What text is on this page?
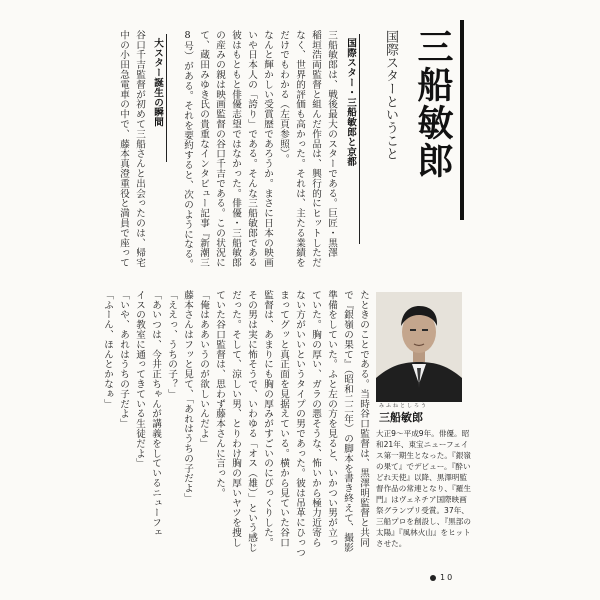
三船敏郎
国際スターということ
国際スター・三船敏郎と京都
三船敏郎は、戦後最大のスターである。巨匠・黒澤
稲垣浩両監督と組んだ作品は、興行的にヒットしただ
なく、世界的評価も高かった。それは、主たる業績を
だけでもわかる（左頁参照）。
なんと輝かしい受賞歴であろうか。まさに日本の映画
いや日本人の「誇り」である。そんな三船敏郎である
彼はもともと俳優志望ではなかった。俳優・三船敏郎
の産みの親は映画監督の谷口千吉である。この状況に
て、蔵田みゆき氏の貴重なインタビュー記事『新潮三
8号）がある。それを要約すると、次のようになる。
大スター誕生の瞬間
谷口千吉監督が初めて三船さんと出会ったのは、帰宅
中の小田急電車の中で、藤本真澄重役と満員で座って
たときのことである。当時谷口監督は、黒澤明監督と共同
で『銀嶺の果て』（昭和二二年）の脚本を書き終えて、撮影
準備をしていた。ふと左の方を見ると、いかつい男が立っ
ていた。胸の厚い、ガラの悪そうな、怖いから極力近寄ら
ない方がいいというタイプの男であった。彼は吊革にひっつ
まってグッと真正面を見据えている。横から見ていた谷口
監督は、あまりにも胸の厚みがすごいのにびっくりした。
その男は実に怖そうで、いわゆる「オス（雄）」という感じ
だった。そして、涼しい男、とりわけ胸の厚いヤツを捜し
ていた谷口監督は、思わず藤本さんに言った。
「俺はああいうのが欲しいんだよ」
藤本さんはフッと見て、「あれはうちの子だよ」
「ええっ、うちの子？」
「あいつは、今井正ちゃんが講義をしているニューフェ
イスの教室に通ってきている生徒だよ」
「いや、あれはうちの子だよ」
「ふーん、ほんとかなぁ」	みふねとしろう
三船敏郎
大正9～平成9年。俳優。昭和21年、東宝ニューフェイス第一期生となった。『銀嶺の果て』でデビュー。『酔いどれ天使』以降、黒澤明監督作品の常連となり、『羅生門』はヴェネチア国際映画祭グランプリ受賞。37年、三船プロを創設し、『黒部の太陽』『風林火山』をヒットさせた。
10
